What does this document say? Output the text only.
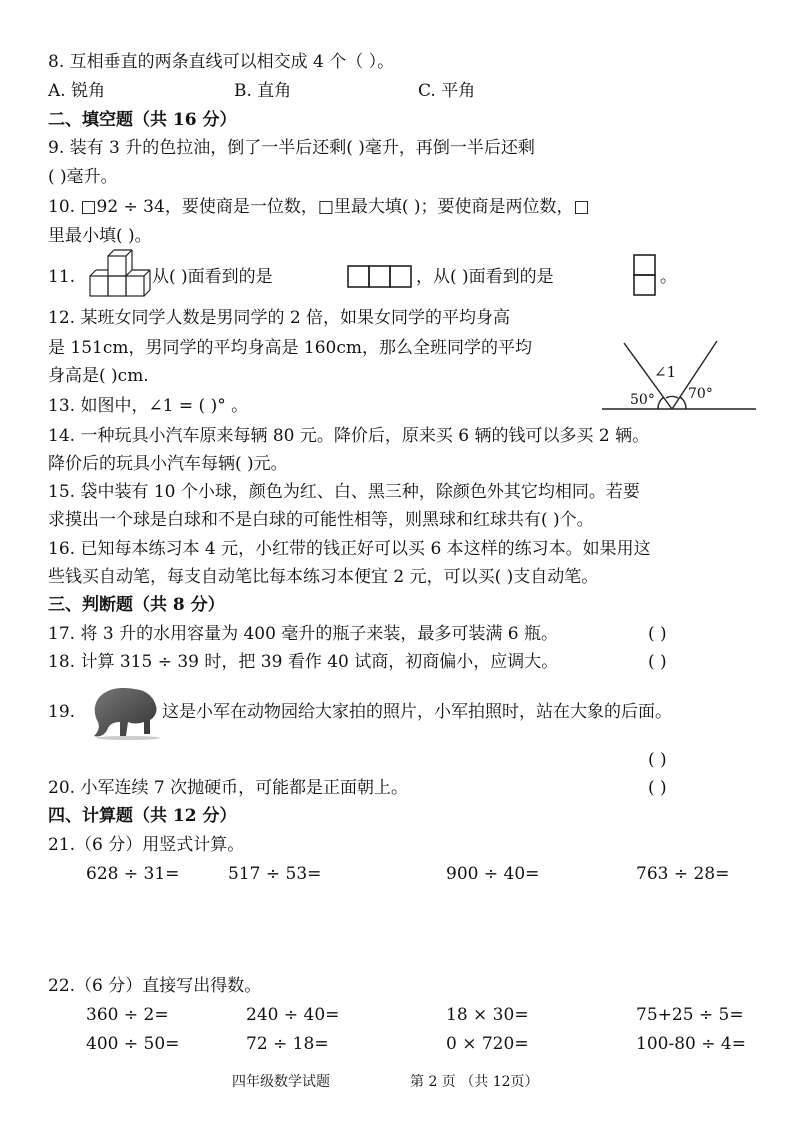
8. 互相垂直的两条直线可以相交成 4 个（ ）。
A. 锐角	B. 直角	C. 平角
二、填空题（共 16 分）
9. 装有 3 升的色拉油，倒了一半后还剩( )毫升，再倒一半后还剩
( )毫升。
10. □92 ÷ 34，要使商是一位数，□里最大填( )；要使商是两位数，□
里最小填( )。
11.	从( )面看到的是	，从( )面看到的是	。
12. 某班女同学人数是男同学的 2 倍，如果女同学的平均身高
是 151cm，男同学的平均身高是 160cm，那么全班同学的平均
身高是( )cm.	∠1
50° 70°
13. 如图中，∠1 = ( )° 。
14. 一种玩具小汽车原来每辆 80 元。降价后，原来买 6 辆的钱可以多买 2 辆。
降价后的玩具小汽车每辆( )元。
15. 袋中装有 10 个小球，颜色为红、白、黑三种，除颜色外其它均相同。若要
求摸出一个球是白球和不是白球的可能性相等，则黑球和红球共有( )个。
16. 已知每本练习本 4 元，小红带的钱正好可以买 6 本这样的练习本。如果用这
些钱买自动笔，每支自动笔比每本练习本便宜 2 元，可以买( )支自动笔。
三、判断题（共 8 分）
17. 将 3 升的水用容量为 400 毫升的瓶子来装，最多可装满 6 瓶。	( )
18. 计算 315 ÷ 39 时，把 39 看作 40 试商，初商偏小，应调大。	( )
19.	这是小军在动物园给大家拍的照片，小军拍照时，站在大象的后面。
( )
20. 小军连续 7 次抛硬币，可能都是正面朝上。	( )
四、计算题（共 12 分）
21.（6 分）用竖式计算。
628 ÷ 31=	517 ÷ 53=	900 ÷ 40=	763 ÷ 28=
22.（6 分）直接写出得数。
360 ÷ 2=	240 ÷ 40=	18 × 30=	75+25 ÷ 5=
400 ÷ 50=	72 ÷ 18=	0 × 720=	100-80 ÷ 4=
四年级数学试题	第 2 页 （共 12页）
